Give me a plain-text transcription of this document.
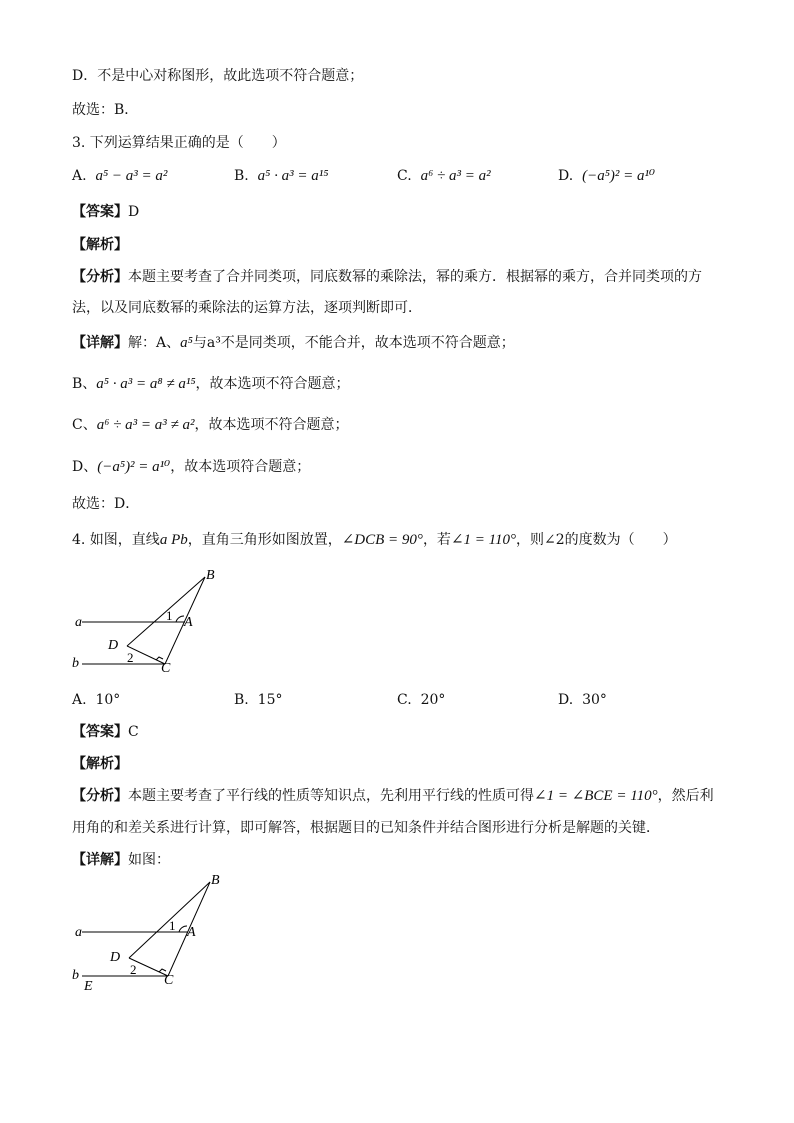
D．不是中心对称图形，故此选项不符合题意；
故选：B．
3. 下列运算结果正确的是（　　）
A. a⁵ − a³ = a²	B. a⁵ · a³ = a¹⁵	C. a⁶ ÷ a³ = a²	D. (−a⁵)² = a¹⁰
【答案】D
【解析】
【分析】本题主要考查了合并同类项，同底数幂的乘除法，幂的乘方．根据幂的乘方，合并同类项的方
法，以及同底数幂的乘除法的运算方法，逐项判断即可．
【详解】解：A、a⁵与a³不是同类项，不能合并，故本选项不符合题意；
B、a⁵ · a³ = a⁸ ≠ a¹⁵，故本选项不符合题意；
C、a⁶ ÷ a³ = a³ ≠ a²，故本选项不符合题意；
D、(−a⁵)² = a¹⁰，故本选项符合题意；
故选：D．
4. 如图，直线a Pb，直角三角形如图放置，∠DCB = 90°，若∠1 = 110°，则∠2的度数为（　　）
B
1 A
a
D
b	2
C
A. 10°	B. 15°	C. 20°	D. 30°
【答案】C
【解析】
【分析】本题主要考查了平行线的性质等知识点，先利用平行线的性质可得∠1 = ∠BCE = 110°，然后利
用角的和差关系进行计算，即可解答，根据题目的已知条件并结合图形进行分析是解题的关键．
【详解】如图：
B
1 A
a
D
b	2
C
E
